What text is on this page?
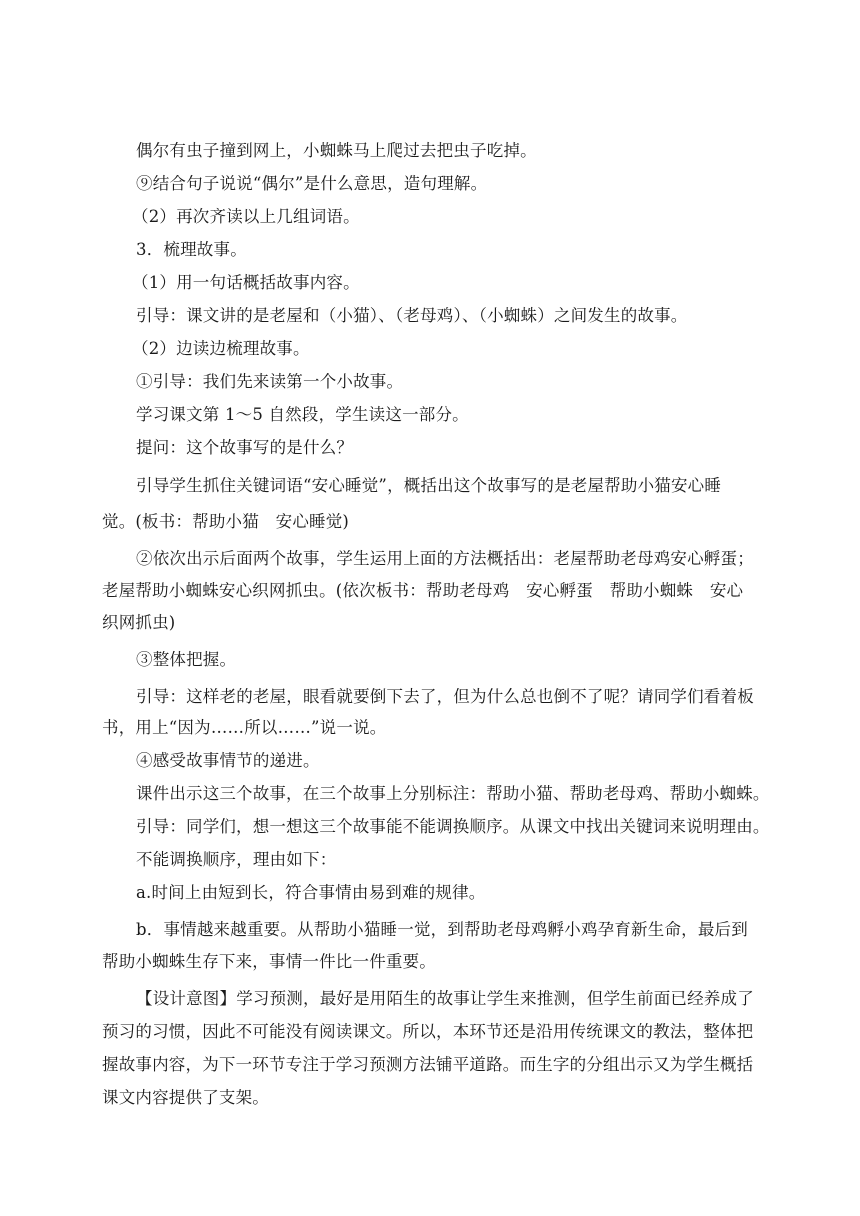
偶尔有虫子撞到网上，小蜘蛛马上爬过去把虫子吃掉。
⑨结合句子说说“偶尔”是什么意思，造句理解。
（2）再次齐读以上几组词语。
3．梳理故事。
（1）用一句话概括故事内容。
引导：课文讲的是老屋和（小猫）、（老母鸡）、（小蜘蛛）之间发生的故事。
（2）边读边梳理故事。
①引导：我们先来读第一个小故事。
学习课文第 1～5 自然段，学生读这一部分。
提问：这个故事写的是什么？
引导学生抓住关键词语“安心睡觉”，概括出这个故事写的是老屋帮助小猫安心睡
觉。(板书：帮助小猫　安心睡觉)
②依次出示后面两个故事，学生运用上面的方法概括出：老屋帮助老母鸡安心孵蛋；
老屋帮助小蜘蛛安心织网抓虫。(依次板书：帮助老母鸡　安心孵蛋　帮助小蜘蛛　安心
织网抓虫)
③整体把握。
引导：这样老的老屋，眼看就要倒下去了，但为什么总也倒不了呢？请同学们看着板
书，用上“因为……所以……”说一说。
④感受故事情节的递进。
课件出示这三个故事，在三个故事上分别标注：帮助小猫、帮助老母鸡、帮助小蜘蛛。
引导：同学们，想一想这三个故事能不能调换顺序。从课文中找出关键词来说明理由。
不能调换顺序，理由如下：
a.时间上由短到长，符合事情由易到难的规律。
b．事情越来越重要。从帮助小猫睡一觉，到帮助老母鸡孵小鸡孕育新生命，最后到
帮助小蜘蛛生存下来，事情一件比一件重要。
【设计意图】学习预测，最好是用陌生的故事让学生来推测，但学生前面已经养成了
预习的习惯，因此不可能没有阅读课文。所以，本环节还是沿用传统课文的教法，整体把
握故事内容，为下一环节专注于学习预测方法铺平道路。而生字的分组出示又为学生概括
课文内容提供了支架。
